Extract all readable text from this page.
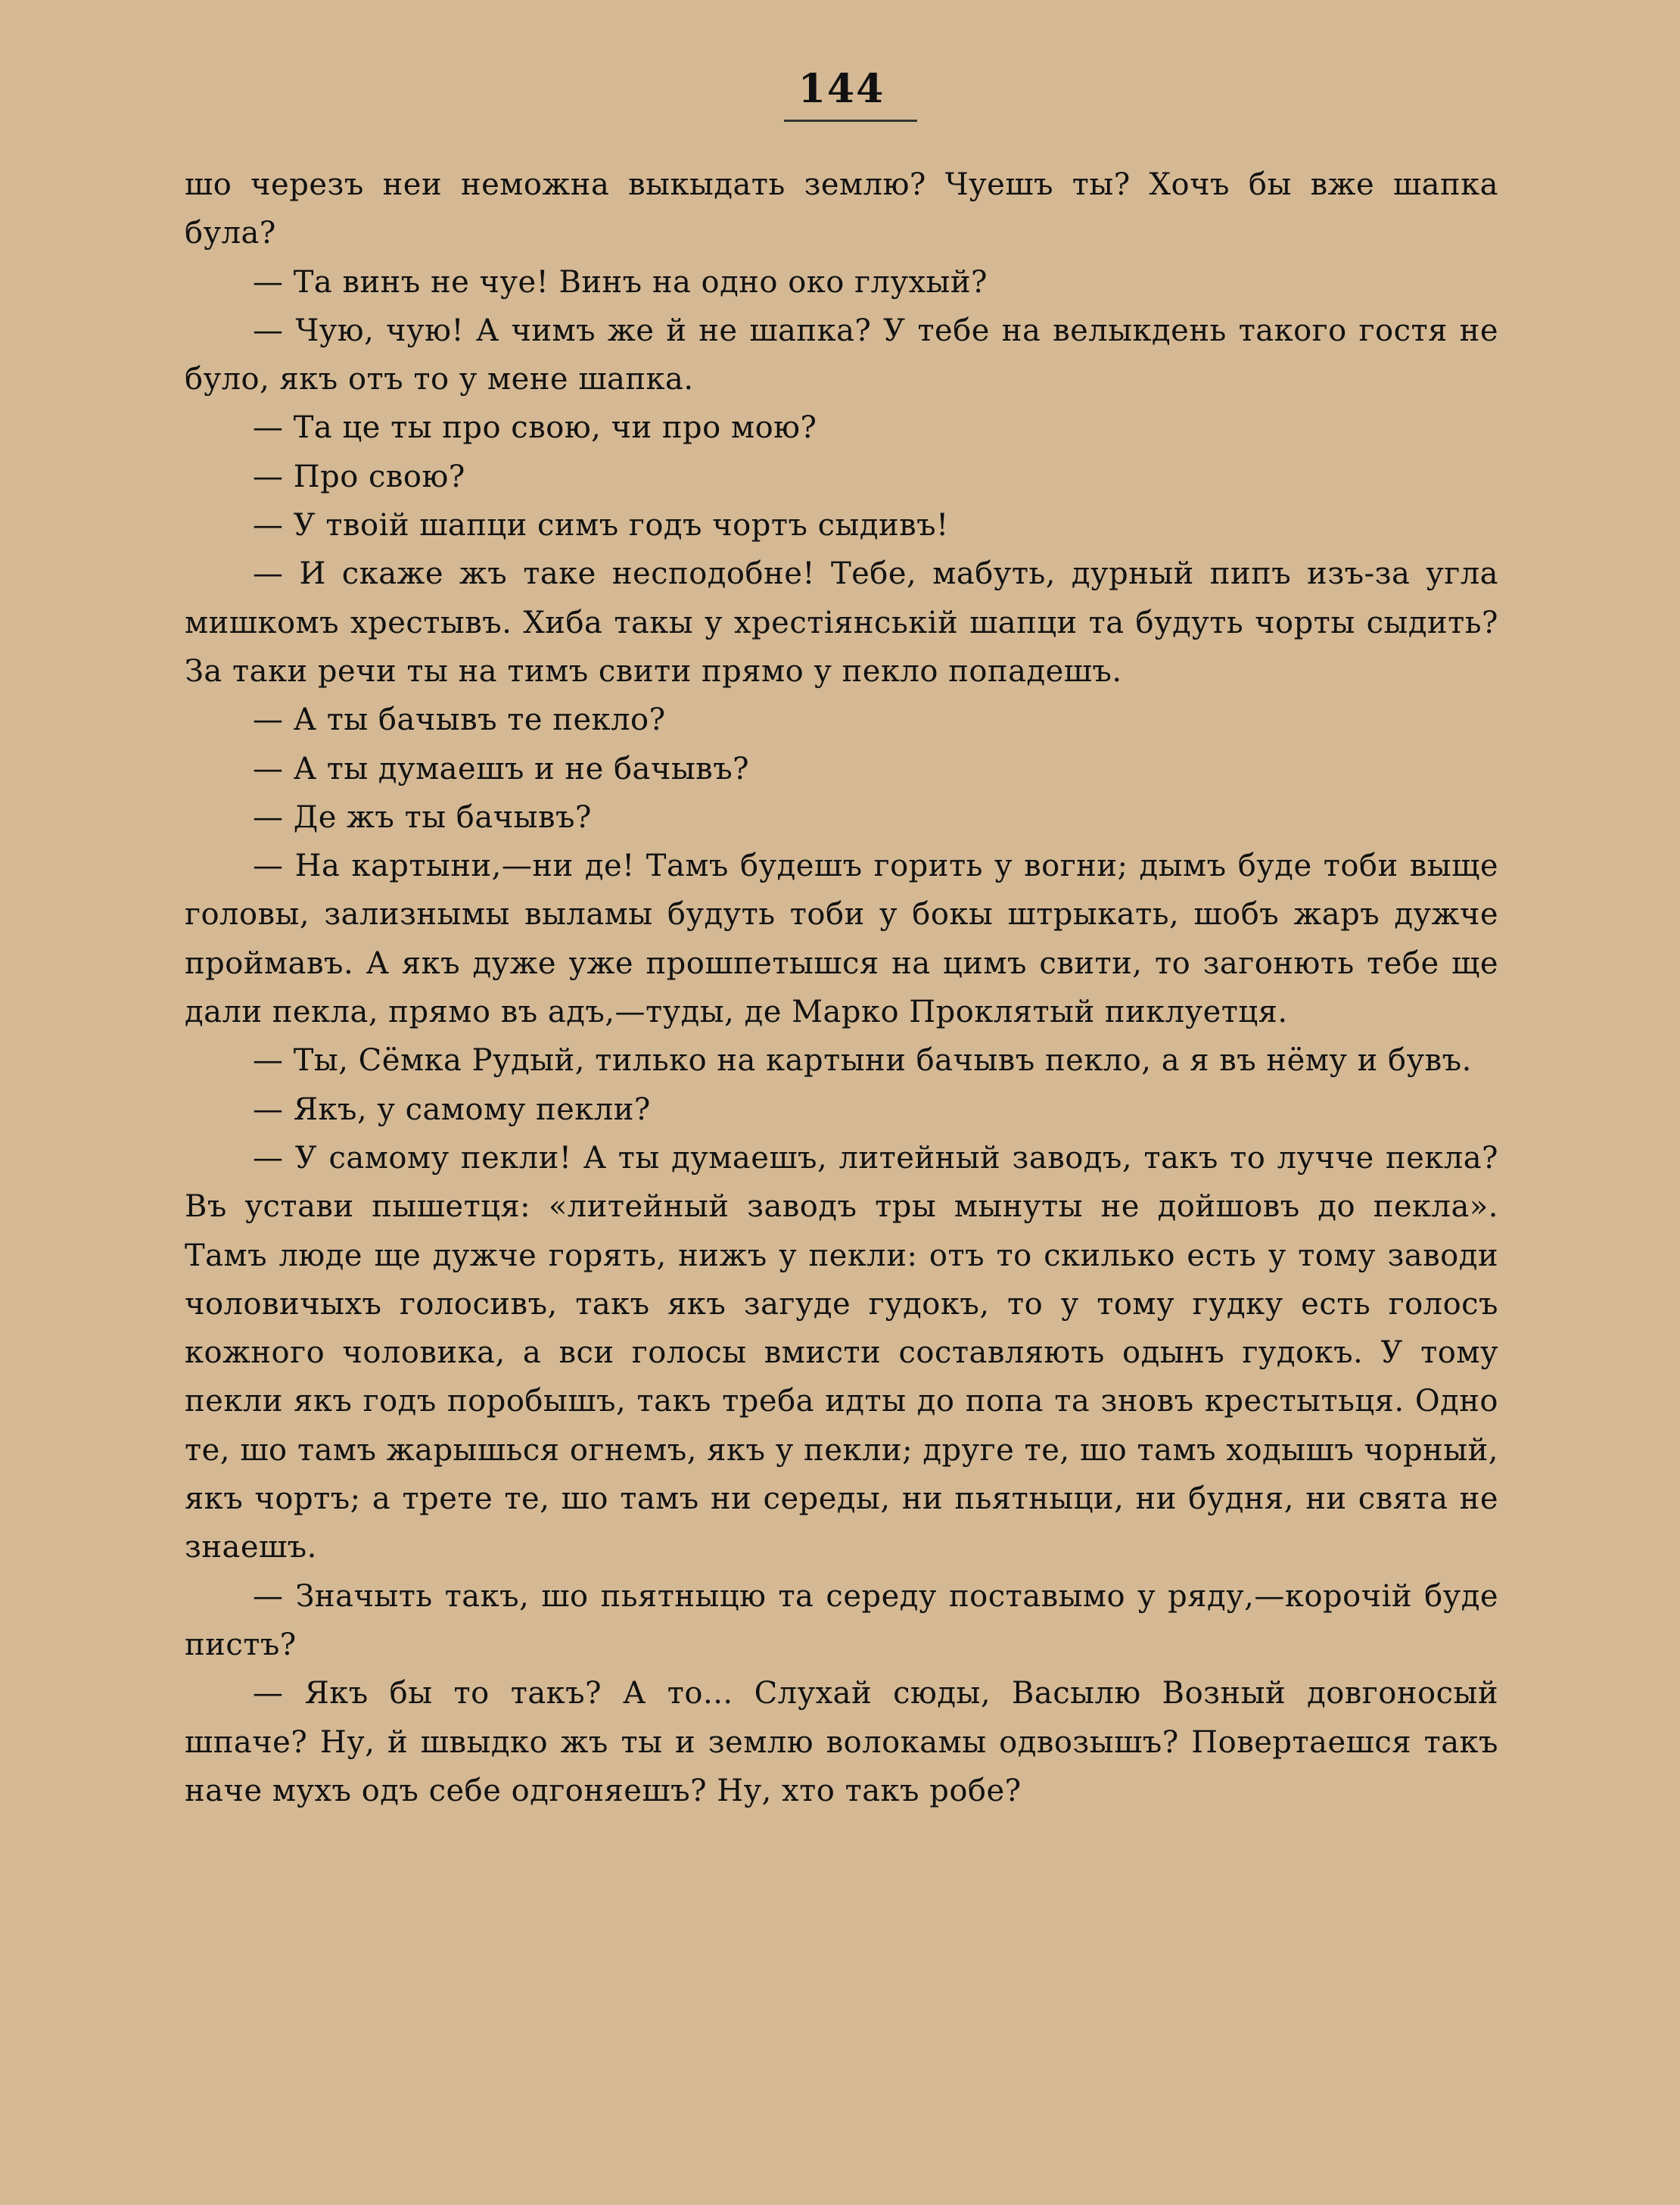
144

шо черезъ неи неможна выкыдать землю? Чуешъ ты? Хочъ бы вже шапка була?

— Та винъ не чуе! Винъ на одно око глухый?

— Чую, чую! А чимъ же й не шапка? У тебе на велыкдень такого гостя не було, якъ отъ то у мене шапка.

— Та це ты про свою, чи про мою?

— Про свою?

— У твоiй шапци симъ годъ чортъ сыдивъ!

— И скаже жъ таке несподобне! Тебе, мабуть, дурный пипъ изъ-за угла мишкомъ хрестывъ. Хиба такы у хрестiянськiй шапци та будуть чорты сыдить? За таки речи ты на тимъ свити прямо у пекло попадешъ.

— А ты бачывъ те пекло?

— А ты думаешъ и не бачывъ?

— Де жъ ты бачывъ?

— На картыни,—ни де! Тамъ будешъ горить у вогни; дымъ буде тоби выще головы, зализнымы выламы будуть тоби у бокы штрыкать, шобъ жаръ дужче проймавъ. А якъ дуже уже прошпетышся на цимъ свити, то загонють тебе ще дали пекла, прямо въ адъ,—туды, де Марко Проклятый пиклуетця.

— Ты, Сёмка Рудый, тилько на картыни бачывъ пекло, а я въ нёму и бувъ.

— Якъ, у самому пекли?

— У самому пекли! А ты думаешъ, литейный заводъ, такъ то лучче пекла? Въ устави пышетця: «литейный заводъ тры мынуты не дойшовъ до пекла». Тамъ люде ще дужче горять, нижъ у пекли: отъ то скилько есть у тому заводи чоловичыхъ голосивъ, такъ якъ загуде гудокъ, то у тому гудку есть голосъ кожного чоловика, а вси голосы вмисти составляють одынъ гудокъ. У тому пекли якъ годъ поробышъ, такъ треба идты до попа та зновъ крестытьця. Одно те, шо тамъ жарышься огнемъ, якъ у пекли; друге те, шо тамъ ходышъ чорный, якъ чортъ; а трете те, шо тамъ ни середы, ни пьятныци, ни будня, ни свята не знаешъ.

— Значыть такъ, шо пьятныцю та середу поставымо у ряду,—корочiй буде пистъ?

— Якъ бы то такъ? А то... Слухай сюды, Васылю Возный довгоносый шпаче? Ну, й швыдко жъ ты и землю волокамы одвозышъ? Повертаешся такъ наче мухъ одъ себе одгоняешъ? Ну, хто такъ робе?
